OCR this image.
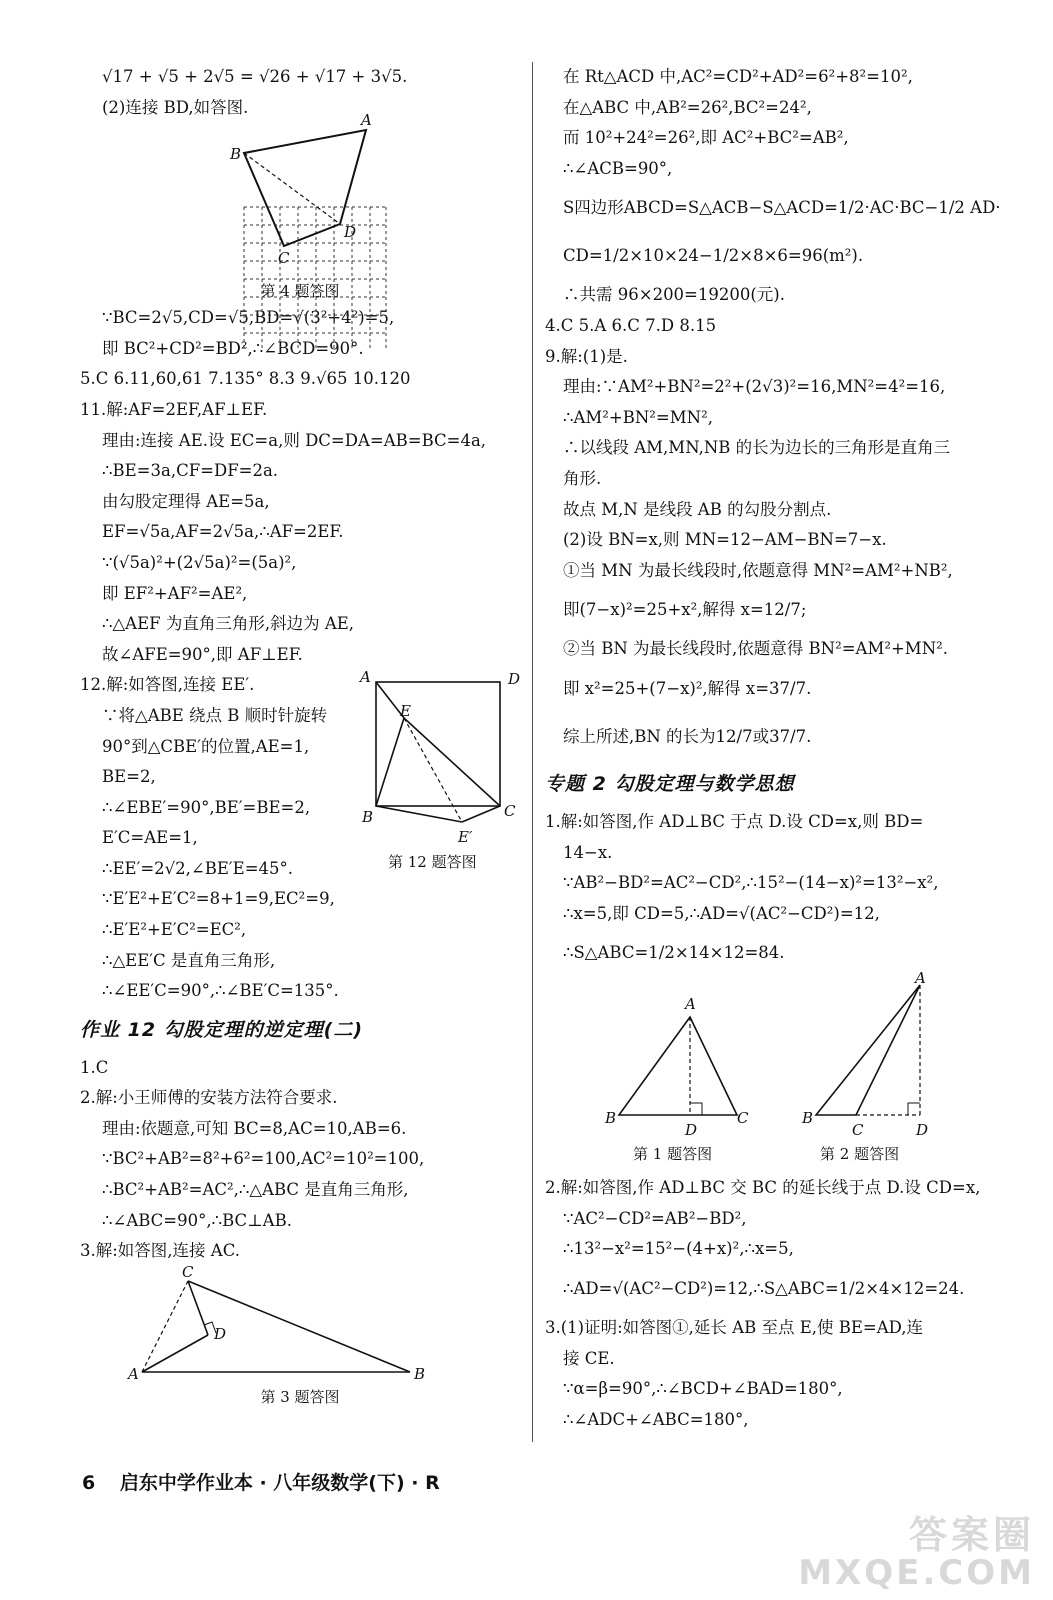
√17 + √5 + 2√5 = √26 + √17 + 3√5.
(2)连接 BD,如答图.
B
A
D
C
第 4 题答图
∵BC=2√5,CD=√5,BD=√(3²+4²)=5,
即 BC²+CD²=BD²,∴∠BCD=90°.
5.C 6.11,60,61 7.135° 8.3 9.√65 10.120
11.解:AF=2EF,AF⊥EF.
理由:连接 AE.设 EC=a,则 DC=DA=AB=BC=4a,
∴BE=3a,CF=DF=2a.
由勾股定理得 AE=5a,
EF=√5a,AF=2√5a,∴AF=2EF.
∵(√5a)²+(2√5a)²=(5a)²,
即 EF²+AF²=AE²,
∴△AEF 为直角三角形,斜边为 AE,
故∠AFE=90°,即 AF⊥EF.
12.解:如答图,连接 EE′.
∵将△ABE 绕点 B 顺时针旋转
90°到△CBE′的位置,AE=1,
BE=2,
∴∠EBE′=90°,BE′=BE=2,
E′C=AE=1,
∴EE′=2√2,∠BE′E=45°.
A	D
E
B	C
E′
第 12 题答图
∵E′E²+E′C²=8+1=9,EC²=9,
∴E′E²+E′C²=EC²,
∴△EE′C 是直角三角形,
∴∠EE′C=90°,∴∠BE′C=135°.
作业 12 勾股定理的逆定理(二)
1.C
2.解:小王师傅的安装方法符合要求.
理由:依题意,可知 BC=8,AC=10,AB=6.
∵BC²+AB²=8²+6²=100,AC²=10²=100,
∴BC²+AB²=AC²,∴△ABC 是直角三角形,
∴∠ABC=90°,∴BC⊥AB.
3.解:如答图,连接 AC.
C
D
A	B
第 3 题答图
在 Rt△ACD 中,AC²=CD²+AD²=6²+8²=10²,
在△ABC 中,AB²=26²,BC²=24²,
而 10²+24²=26²,即 AC²+BC²=AB²,
∴∠ACB=90°,
S四边形ABCD=S△ACB−S△ACD=1/2·AC·BC−1/2 AD·
CD=1/2×10×24−1/2×8×6=96(m²).
∴共需 96×200=19200(元).
4.C 5.A 6.C 7.D 8.15
9.解:(1)是.
理由:∵AM²+BN²=2²+(2√3)²=16,MN²=4²=16,
∴AM²+BN²=MN²,
∴以线段 AM,MN,NB 的长为边长的三角形是直角三
角形.
故点 M,N 是线段 AB 的勾股分割点.
(2)设 BN=x,则 MN=12−AM−BN=7−x.
①当 MN 为最长线段时,依题意得 MN²=AM²+NB²,
即(7−x)²=25+x²,解得 x=12/7;
②当 BN 为最长线段时,依题意得 BN²=AM²+MN².
即 x²=25+(7−x)²,解得 x=37/7.
综上所述,BN 的长为12/7或37/7.
专题 2 勾股定理与数学思想
1.解:如答图,作 AD⊥BC 于点 D.设 CD=x,则 BD=
14−x.
∵AB²−BD²=AC²−CD²,∴15²−(14−x)²=13²−x²,
∴x=5,即 CD=5,∴AD=√(AC²−CD²)=12,
∴S△ABC=1/2×14×12=84.
A
B
D
C
第 1 题答图
A
B
C	D
第 2 题答图
2.解:如答图,作 AD⊥BC 交 BC 的延长线于点 D.设 CD=x,
∵AC²−CD²=AB²−BD²,
∴13²−x²=15²−(4+x)²,∴x=5,
∴AD=√(AC²−CD²)=12,∴S△ABC=1/2×4×12=24.
3.(1)证明:如答图①,延长 AB 至点 E,使 BE=AD,连
接 CE.
∵α=β=90°,∴∠BCD+∠BAD=180°,
∴∠ADC+∠ABC=180°,
6 启东中学作业本 · 八年级数学(下) · R
答案圈
MXQE.COM
